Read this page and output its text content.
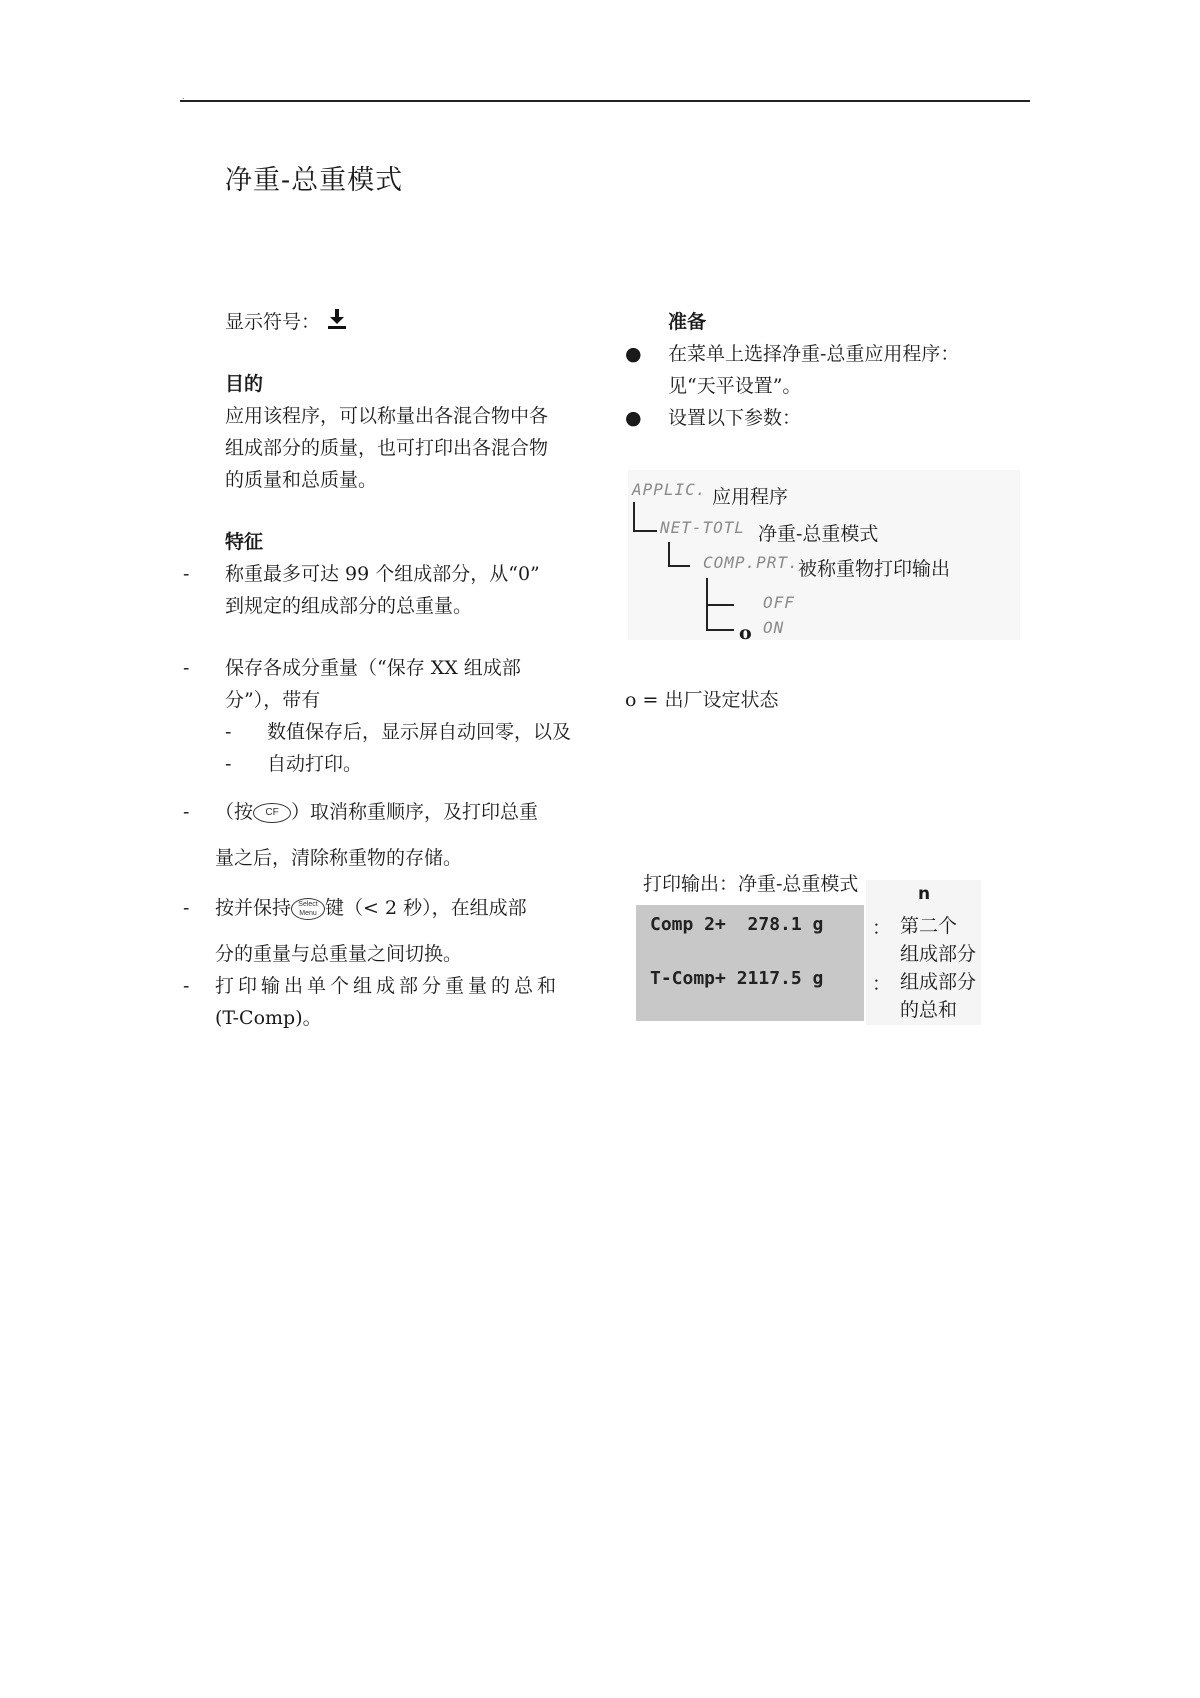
.
净重-总重模式
显示符号：
目的
应用该程序，可以称量出各混合物中各
组成部分的质量，也可打印出各混合物
的质量和总质量。
特征
- 称重最多可达 99 个组成部分，从“0”
到规定的组成部分的总重量。
- 保存各成分重量（“保存 XX 组成部
分”），带有
- 数值保存后，显示屏自动回零，以及
- 自动打印。
- （按 CF ）取消称重顺序，及打印总重
量之后，清除称重物的存储。
- 按并保持 Select
Menu 键（< 2 秒），在组成部
分的重量与总重量之间切换。
- 打印输出单个组成部分重量的总和
(T-Comp)。
准备
● 在菜单上选择净重-总重应用程序：
见“天平设置”。
● 设置以下参数：
APPLIC. 应用程序
NET-TOTL 净重-总重模式
COMP.PRT. 被称重物打印输出
OFF
o ON
o = 出厂设定状态
打印输出：净重-总重模式	n
Comp 2+  278.1 g
T-Comp+ 2117.5 g
： 第二个
组成部分
： 组成部分
的总和
